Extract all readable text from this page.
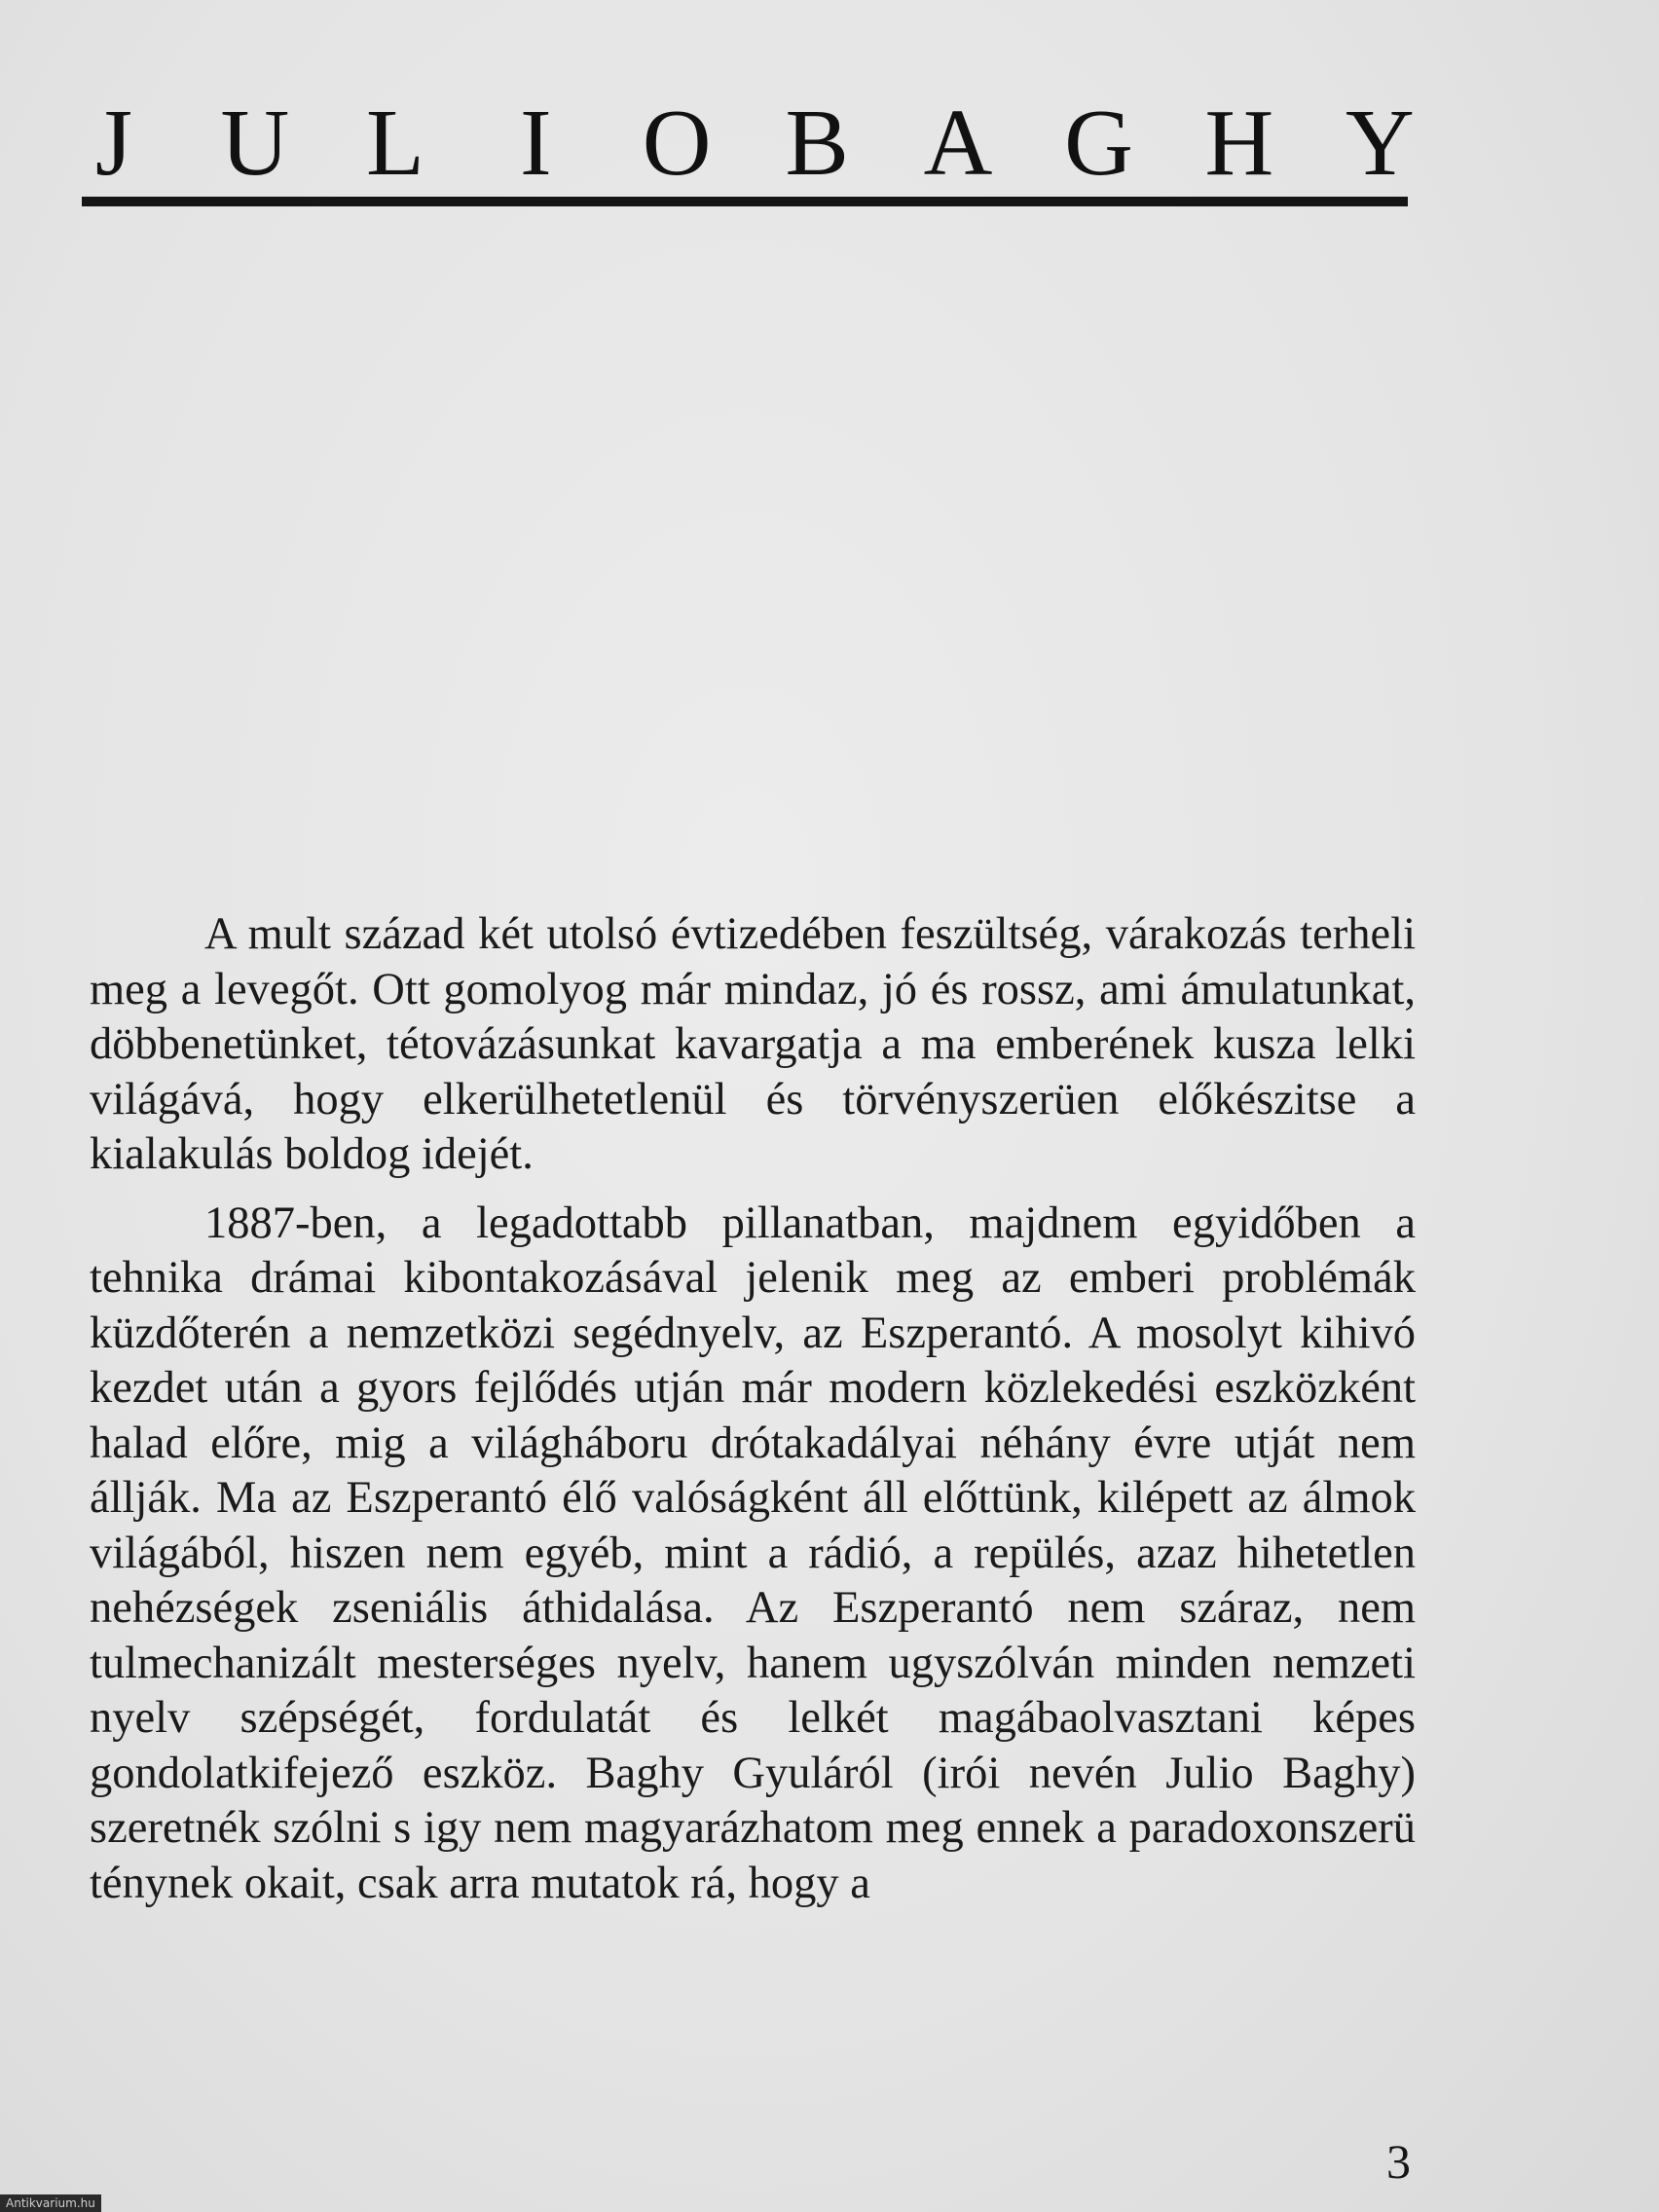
J U L I O B A G H Y

A mult század két utolsó évtizedében feszültség, várakozás terheli meg a levegőt. Ott gomolyog már mindaz, jó és rossz, ami ámulatunkat, döbbenetünket, tétovázásunkat kavargatja a ma emberének kusza lelki világává, hogy elkerülhetetlenül és törvényszerüen előkészitse a kialakulás boldog idejét.

1887-ben, a legadottabb pillanatban, majdnem egyidőben a tehnika drámai kibontakozásával jelenik meg az emberi problémák küzdőterén a nemzetközi segédnyelv, az Eszperantó. A mosolyt kihivó kezdet után a gyors fejlődés utján már modern közlekedési eszközként halad előre, mig a világháboru drótakadályai néhány évre utját nem állják. Ma az Eszperantó élő valóságként áll előttünk, kilépett az álmok világából, hiszen nem egyéb, mint a rádió, a repülés, azaz hihetetlen nehézségek zseniális áthidalása. Az Eszperantó nem száraz, nem tulmechanizált mesterséges nyelv, hanem ugyszólván minden nemzeti nyelv szépségét, fordulatát és lelkét magábaolvasztani képes gondolatkifejező eszköz. Baghy Gyuláról (irói nevén Julio Baghy) szeretnék szólni s igy nem magyarázhatom meg ennek a paradoxonszerü ténynek okait, csak arra mutatok rá, hogy a

3
Antikvarium.hu
